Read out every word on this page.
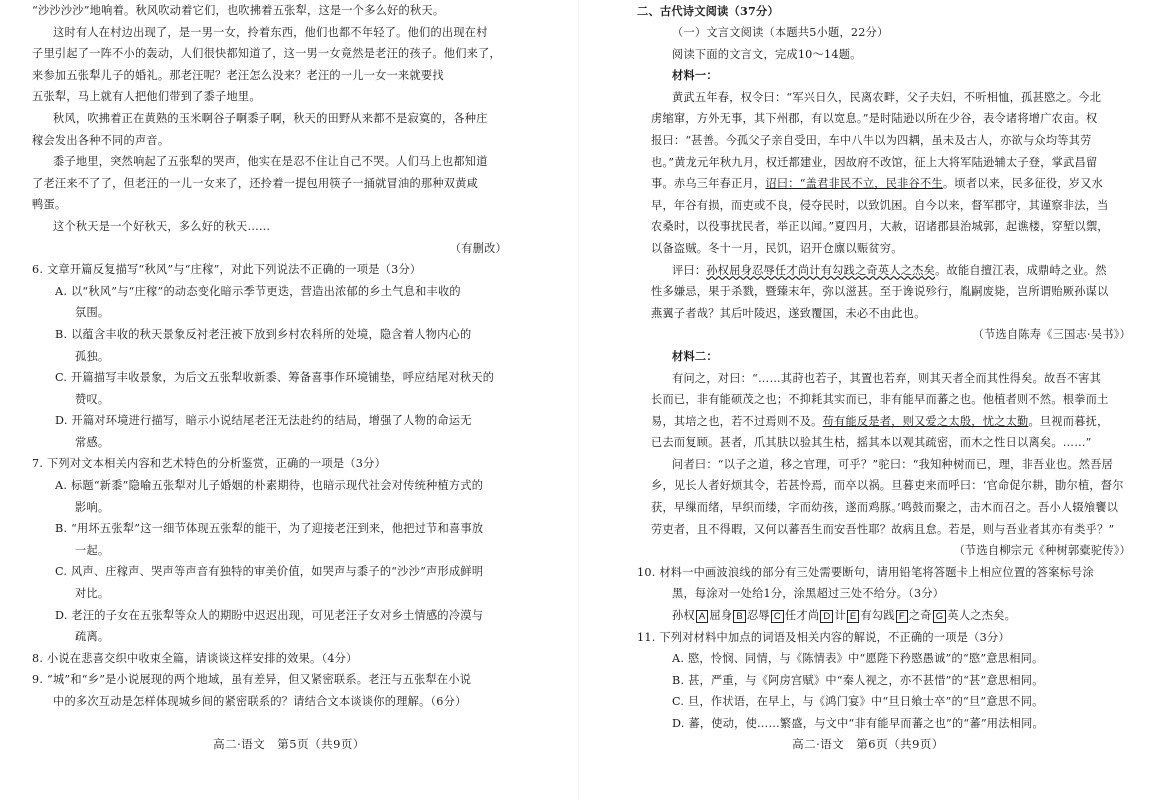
“沙沙沙沙”地响着。秋风吹动着它们，也吹拂着五张犁，这是一个多么好的秋天。
这时有人在村边出现了，是一男一女，拎着东西，他们也都不年轻了。他们的出现在村
子里引起了一阵不小的轰动，人们很快都知道了，这一男一女竟然是老汪的孩子。他们来了，
来参加五张犁儿子的婚礼。那老汪呢？老汪怎么没来？老汪的一儿一女一来就要找
五张犁，马上就有人把他们带到了黍子地里。
秋风，吹拂着正在黄熟的玉米啊谷子啊黍子啊，秋天的田野从来都不是寂寞的，各种庄
稼会发出各种不同的声音。
黍子地里，突然响起了五张犁的哭声，他实在是忍不住让自己不哭。人们马上也都知道
了老汪来不了了，但老汪的一儿一女来了，还拎着一提包用筷子一捅就冒油的那种双黄咸
鸭蛋。
这个秋天是一个好秋天，多么好的秋天……
（有删改）
6. 文章开篇反复描写“秋风”与“庄稼”，对此下列说法不正确的一项是（3分）
A. 以“秋风”与“庄稼”的动态变化暗示季节更迭，营造出浓郁的乡土气息和丰收的
氛围。
B. 以蕴含丰收的秋天景象反衬老汪被下放到乡村农科所的处境，隐含着人物内心的
孤独。
C. 开篇描写丰收景象，为后文五张犁收新黍、筹备喜事作环境铺垫，呼应结尾对秋天的
赞叹。
D. 开篇对环境进行描写，暗示小说结尾老汪无法赴约的结局，增强了人物的命运无
常感。
7. 下列对文本相关内容和艺术特色的分析鉴赏，正确的一项是（3分）
A. 标题“新黍”隐喻五张犁对儿子婚姻的朴素期待，也暗示现代社会对传统种植方式的
影响。
B. “用坏五张犁”这一细节体现五张犁的能干，为了迎接老汪到来，他把过节和喜事放
一起。
C. 风声、庄稼声、哭声等声音有独特的审美价值，如哭声与黍子的“沙沙”声形成鲜明
对比。
D. 老汪的子女在五张犁等众人的期盼中迟迟出现，可见老汪子女对乡土情感的冷漠与
疏离。
8. 小说在悲喜交织中收束全篇，请谈谈这样安排的效果。（4分）
9. “城”和“乡”是小说展现的两个地域，虽有差异，但又紧密联系。老汪与五张犁在小说
中的多次互动是怎样体现城乡间的紧密联系的？请结合文本谈谈你的理解。（6分）
高二·语文　第5页（共9页）
二、古代诗文阅读（37分）
（一）文言文阅读（本题共5小题，22分）
阅读下面的文言文，完成10～14题。
材料一：
黄武五年春，权令曰：“军兴日久，民离农畔，父子夫妇，不听相恤，孤甚愍之。今北
虏缩窜，方外无事，其下州郡，有以宽息。”是时陆逊以所在少谷，表令诸将增广农亩。权
报曰：“甚善。今孤父子亲自受田，车中八牛以为四耦，虽未及古人，亦欲与众均等其劳
也。”黄龙元年秋九月，权迁都建业，因故府不改馆，征上大将军陆逊辅太子登，掌武昌留
事。赤乌三年春正月，诏曰：“盖君非民不立，民非谷不生。顷者以来，民多征役，岁又水
早，年谷有损，而吏或不良，侵夺民时，以致饥困。自今以来，督军郡守，其谨察非法，当
农桑时，以役事扰民者，举正以闻。”夏四月，大赦，诏诸郡县治城郭，起谯楼，穿堑以禦，
以备盗贼。冬十一月，民饥，诏开仓廪以赈贫穷。
评曰：孙权屈身忍辱任才尚计有勾践之奇英人之杰矣。故能自擅江表，成鼎峙之业。然
性多嫌忌，果于杀戮，暨臻末年，弥以滋甚。至于谗说殄行，胤嗣废毙，岂所谓贻厥孙谋以
燕翼子者哉？其后叶陵迟，遂致覆国，未必不由此也。
（节选自陈寿《三国志·吴书》）
材料二：
有问之，对曰：“……其莳也若子，其置也若弃，则其天者全而其性得矣。故吾不害其
长而已，非有能硕茂之也；不抑耗其实而已，非有能早而蕃之也。他植者则不然。根拳而土
易，其培之也，若不过焉则不及。苟有能反是者，则又爱之太殷，忧之太勤。旦视而暮抚，
已去而复顾。甚者，爪其肤以验其生枯，摇其本以观其疏密，而木之性日以离矣。……”
问者曰：“以子之道，移之官理，可乎？”驼曰：“我知种树而已，理，非吾业也。然吾居
乡，见长人者好烦其令，若甚怜焉，而卒以祸。旦暮吏来而呼曰：‘官命促尔耕，勖尔植，督尔
获，早缫而绪，早织而缕，字而幼孩，遂而鸡豚。’鸣鼓而聚之，击木而召之。吾小人辍飧饔以
劳吏者，且不得暇，又何以蕃吾生而安吾性耶？故病且怠。若是，则与吾业者其亦有类乎？”
（节选自柳宗元《种树郭橐驼传》）
10. 材料一中画波浪线的部分有三处需要断句，请用铅笔将答题卡上相应位置的答案标号涂
黑，每涂对一处给1分，涂黑超过三处不给分。（3分）
孙权 A 屈身 B 忍辱 C 任才尚 D 计 E 有勾践 F 之奇 G 英人之杰矣。
11. 下列对材料中加点的词语及相关内容的解说，不正确的一项是（3分）
A. 愍，怜悯、同情，与《陈情表》中“愿陛下矜愍愚诚”的“愍”意思相同。
B. 甚，严重，与《阿房宫赋》中“秦人视之，亦不甚惜”的“甚”意思相同。
C. 旦，作状语，在早上，与《鸿门宴》中“旦日飨士卒”的“旦”意思不同。
D. 蕃，使动，使……繁盛，与文中“非有能早而蕃之也”的“蕃”用法相同。
高二·语文　第6页（共9页）
